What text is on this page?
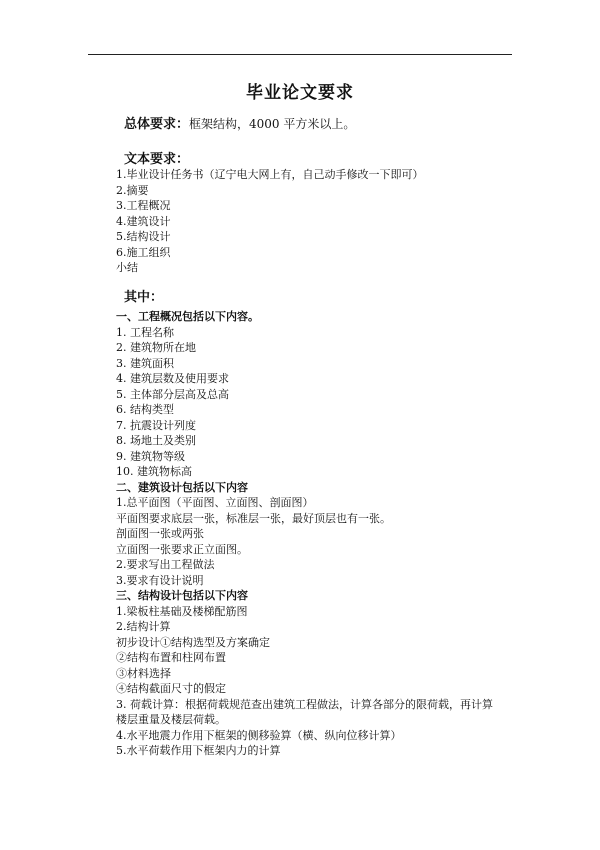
毕业论文要求
总体要求：框架结构，4000 平方米以上。
文本要求：
1.毕业设计任务书（辽宁电大网上有，自己动手修改一下即可）
2.摘要
3.工程概况
4.建筑设计
5.结构设计
6.施工组织
小结
其中：
一、工程概况包括以下内容。
1. 工程名称
2. 建筑物所在地
3. 建筑面积
4. 建筑层数及使用要求
5. 主体部分层高及总高
6. 结构类型
7. 抗震设计列度
8. 场地土及类别
9. 建筑物等级
10. 建筑物标高
二、建筑设计包括以下内容
1.总平面图（平面图、立面图、剖面图）
平面图要求底层一张，标准层一张，最好顶层也有一张。
剖面图一张或两张
立面图一张要求正立面图。
2.要求写出工程做法
3.要求有设计说明
三、结构设计包括以下内容
1.梁板柱基础及楼梯配筋图
2.结构计算
初步设计①结构选型及方案确定
②结构布置和柱网布置
③材料选择
④结构截面尺寸的假定
3. 荷载计算：根据荷载规范查出建筑工程做法，计算各部分的限荷载，再计算楼层重量及楼层荷载。
4.水平地震力作用下框架的侧移验算（横、纵向位移计算）
5.水平荷载作用下框架内力的计算
